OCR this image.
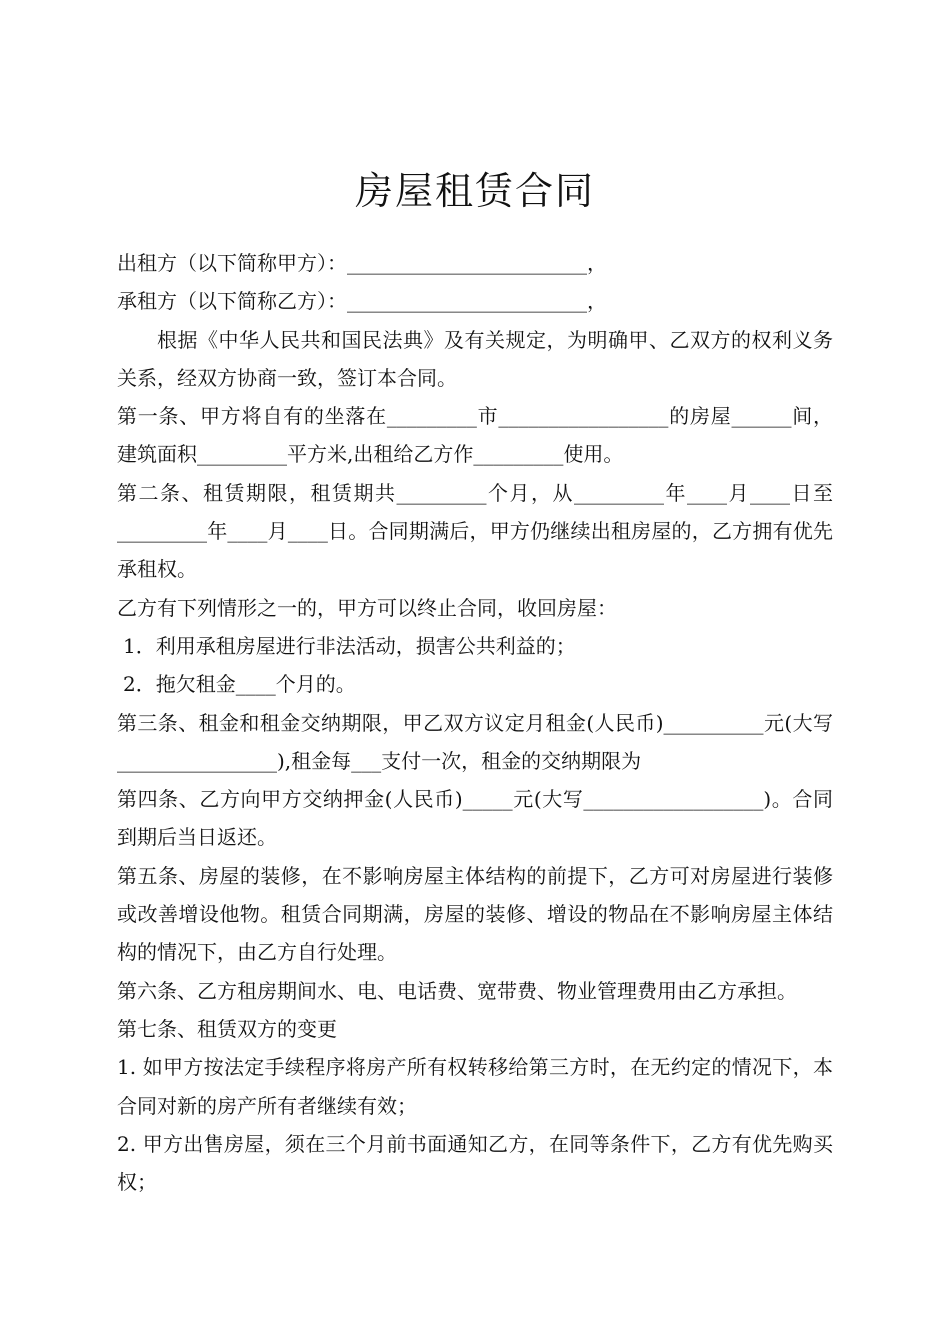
房屋租赁合同

出租方（以下简称甲方）：________________________，

承租方（以下简称乙方）：________________________，

根据《中华人民共和国民法典》及有关规定，为明确甲、乙双方的权利义务关系，经双方协商一致，签订本合同。

第一条、甲方将自有的坐落在_________市_________________的房屋______间，建筑面积_________平方米,出租给乙方作_________使用。

第二条、租赁期限，租赁期共_________个月，从_________年____月____日至_________年____月____日。合同期满后，甲方仍继续出租房屋的，乙方拥有优先承租权。

乙方有下列情形之一的，甲方可以终止合同，收回房屋：

1．利用承租房屋进行非法活动，损害公共利益的；

2．拖欠租金____个月的。

第三条、租金和租金交纳期限，甲乙双方议定月租金(人民币)__________元(大写________________),租金每___支付一次，租金的交纳期限为

第四条、乙方向甲方交纳押金(人民币)_____元(大写__________________)。合同到期后当日返还。

第五条、房屋的装修，在不影响房屋主体结构的前提下，乙方可对房屋进行装修或改善增设他物。租赁合同期满，房屋的装修、增设的物品在不影响房屋主体结构的情况下，由乙方自行处理。

第六条、乙方租房期间水、电、电话费、宽带费、物业管理费用由乙方承担。

第七条、租赁双方的变更

1. 如甲方按法定手续程序将房产所有权转移给第三方时，在无约定的情况下，本合同对新的房产所有者继续有效；

2. 甲方出售房屋，须在三个月前书面通知乙方，在同等条件下，乙方有优先购买权；
